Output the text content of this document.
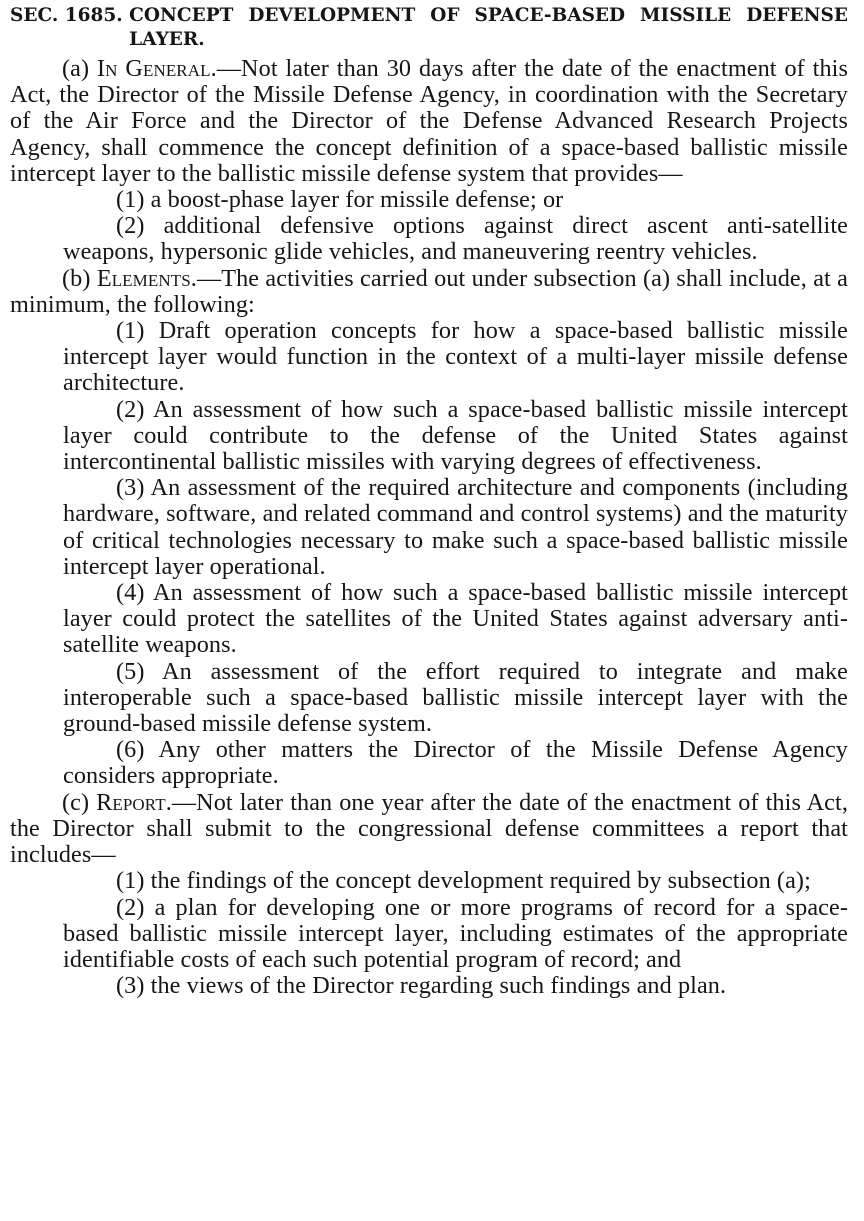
SEC. 1685.
CONCEPT DEVELOPMENT OF SPACE-BASED MISSILE DEFENSE LAYER.

(a) In General.—Not later than 30 days after the date of the enactment of this Act, the Director of the Missile Defense Agency, in coordination with the Secretary of the Air Force and the Director of the Defense Advanced Research Projects Agency, shall commence the concept definition of a space-based ballistic missile intercept layer to the ballistic missile defense system that provides—

(1) a boost-phase layer for missile defense; or

(2) additional defensive options against direct ascent anti-satellite weapons, hypersonic glide vehicles, and maneuvering reentry vehicles.

(b) Elements.—The activities carried out under subsection (a) shall include, at a minimum, the following:

(1) Draft operation concepts for how a space-based ballistic missile intercept layer would function in the context of a multi-layer missile defense architecture.

(2) An assessment of how such a space-based ballistic missile intercept layer could contribute to the defense of the United States against intercontinental ballistic missiles with varying degrees of effectiveness.

(3) An assessment of the required architecture and components (including hardware, software, and related command and control systems) and the maturity of critical technologies necessary to make such a space-based ballistic missile intercept layer operational.

(4) An assessment of how such a space-based ballistic missile intercept layer could protect the satellites of the United States against adversary anti-satellite weapons.

(5) An assessment of the effort required to integrate and make interoperable such a space-based ballistic missile intercept layer with the ground-based missile defense system.

(6) Any other matters the Director of the Missile Defense Agency considers appropriate.

(c) Report.—Not later than one year after the date of the enactment of this Act, the Director shall submit to the congressional defense committees a report that includes—

(1) the findings of the concept development required by subsection (a);

(2) a plan for developing one or more programs of record for a space-based ballistic missile intercept layer, including estimates of the appropriate identifiable costs of each such potential program of record; and

(3) the views of the Director regarding such findings and plan.
